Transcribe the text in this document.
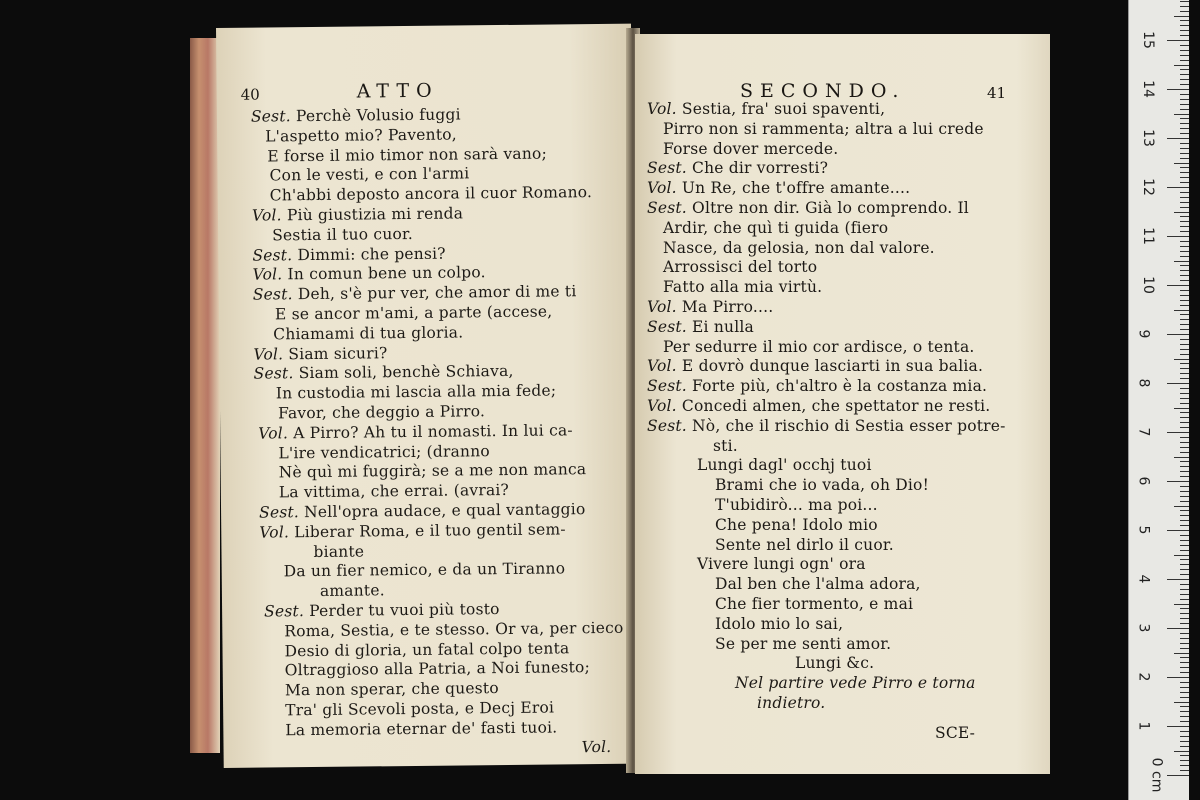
40	ATTO
Sest. Perchè Volusio fuggi
L'aspetto mio? Pavento,
E forse il mio timor non sarà vano;
Con le vesti, e con l'armi
Ch'abbi deposto ancora il cuor Romano.
Vol. Più giustizia mi renda
Sestia il tuo cuor.
Sest. Dimmi: che pensi?
Vol. In comun bene un colpo.
Sest. Deh, s'è pur ver, che amor di me ti
E se ancor m'ami, a parte (accese,
Chiamami di tua gloria.
Vol. Siam sicuri?
Sest. Siam soli, benchè Schiava,
In custodia mi lascia alla mia fede;
Favor, che deggio a Pirro.
Vol. A Pirro? Ah tu il nomasti. In lui ca-
L'ire vendicatrici; (dranno
Nè quì mi fuggirà; se a me non manca
La vittima, che errai. (avrai?
Sest. Nell'opra audace, e qual vantaggio
Vol. Liberar Roma, e il tuo gentil sem-
biante
Da un fier nemico, e da un Tiranno
amante.
Sest. Perder tu vuoi più tosto
Roma, Sestia, e te stesso. Or va, per cieco
Desio di gloria, un fatal colpo tenta
Oltraggioso alla Patria, a Noi funesto;
Ma non sperar, che questo
Tra' gli Scevoli posta, e Decj Eroi
La memoria eternar de' fasti tuoi.
Vol.
SECONDO.	41
Vol. Sestia, fra' suoi spaventi,
Pirro non si rammenta; altra a lui crede
Forse dover mercede.
Sest. Che dir vorresti?
Vol. Un Re, che t'offre amante....
Sest. Oltre non dir. Già lo comprendo. Il
Ardir, che quì ti guida (fiero
Nasce, da gelosia, non dal valore.
Arrossisci del torto
Fatto alla mia virtù.
Vol. Ma Pirro....
Sest. Ei nulla
Per sedurre il mio cor ardisce, o tenta.
Vol. E dovrò dunque lasciarti in sua balia.
Sest. Forte più, ch'altro è la costanza mia.
Vol. Concedi almen, che spettator ne resti.
Sest. Nò, che il rischio di Sestia esser potre-
sti.
Lungi dagl' occhj tuoi
Brami che io vada, oh Dio!
T'ubidirò... ma poi...
Che pena! Idolo mio
Sente nel dirlo il cuor.
Vivere lungi ogn' ora
Dal ben che l'alma adora,
Che fier tormento, e mai
Idolo mio lo sai,
Se per me senti amor.
Lungi &c.
Nel partire vede Pirro e torna
indietro.
SCE-
15
14
13
12
11
10
9
8
7
6
5
4
3
2
1
0 cm
